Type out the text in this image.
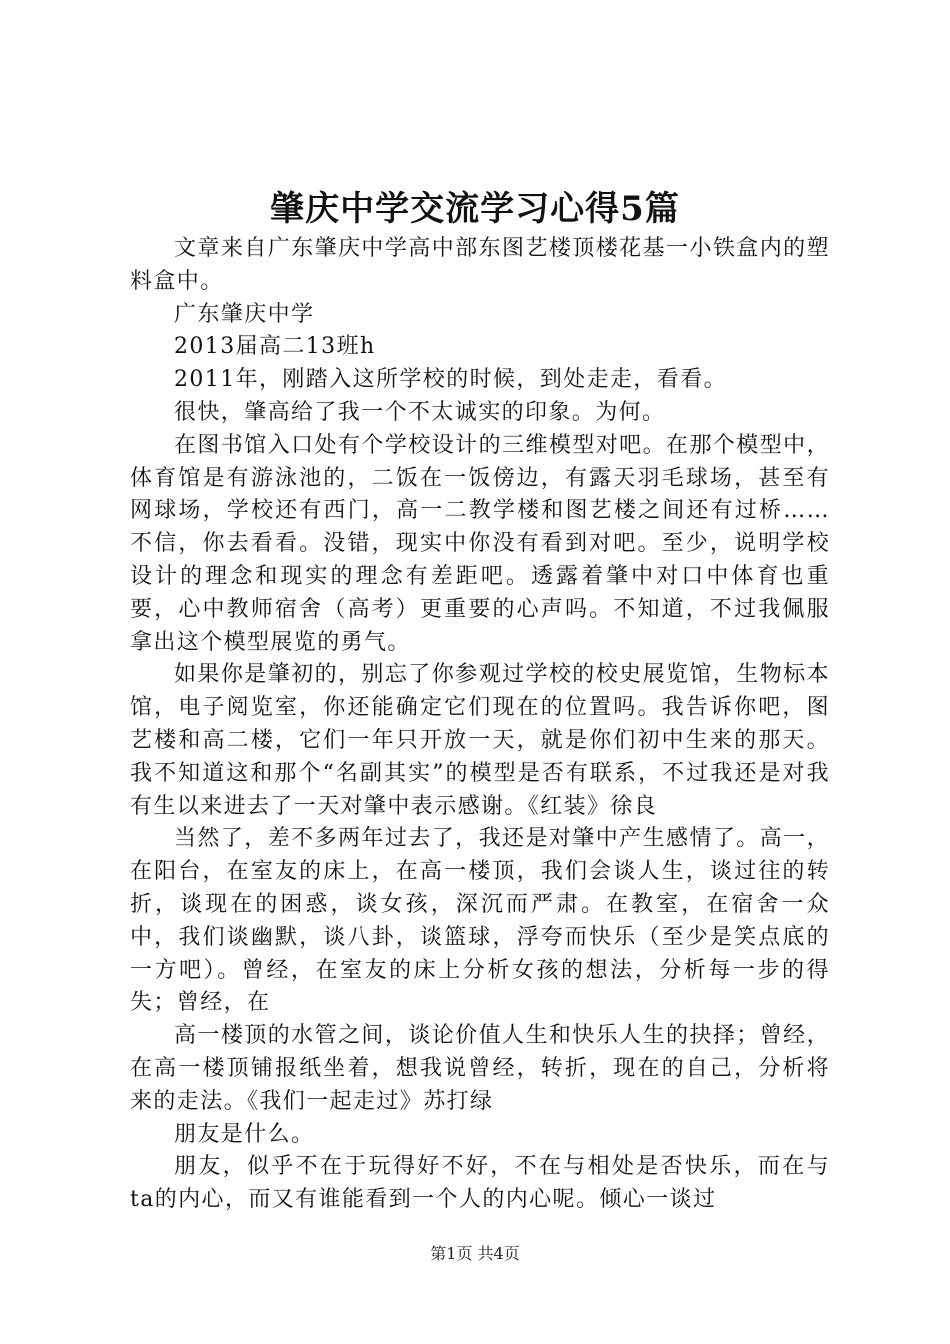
肇庆中学交流学习心得5篇

文章来自广东肇庆中学高中部东图艺楼顶楼花基一小铁盒内的塑料盒中。

广东肇庆中学

2013届高二13班h

2011年，刚踏入这所学校的时候，到处走走，看看。

很快，肇高给了我一个不太诚实的印象。为何。

在图书馆入口处有个学校设计的三维模型对吧。在那个模型中，体育馆是有游泳池的，二饭在一饭傍边，有露天羽毛球场，甚至有网球场，学校还有西门，高一二教学楼和图艺楼之间还有过桥……不信，你去看看。没错，现实中你没有看到对吧。至少，说明学校设计的理念和现实的理念有差距吧。透露着肇中对口中体育也重要，心中教师宿舍（高考）更重要的心声吗。不知道，不过我佩服拿出这个模型展览的勇气。

如果你是肇初的，别忘了你参观过学校的校史展览馆，生物标本馆，电子阅览室，你还能确定它们现在的位置吗。我告诉你吧，图艺楼和高二楼，它们一年只开放一天，就是你们初中生来的那天。我不知道这和那个“名副其实”的模型是否有联系，不过我还是对我有生以来进去了一天对肇中表示感谢。《红装》徐良

当然了，差不多两年过去了，我还是对肇中产生感情了。高一，在阳台，在室友的床上，在高一楼顶，我们会谈人生，谈过往的转折，谈现在的困惑，谈女孩，深沉而严肃。在教室，在宿舍一众中，我们谈幽默，谈八卦，谈篮球，浮夸而快乐（至少是笑点底的一方吧）。曾经，在室友的床上分析女孩的想法，分析每一步的得失；曾经，在

高一楼顶的水管之间，谈论价值人生和快乐人生的抉择；曾经，在高一楼顶铺报纸坐着，想我说曾经，转折，现在的自己，分析将来的走法。《我们一起走过》苏打绿

朋友是什么。

朋友，似乎不在于玩得好不好，不在与相处是否快乐，而在与ta的内心，而又有谁能看到一个人的内心呢。倾心一谈过

第1页 共4页
